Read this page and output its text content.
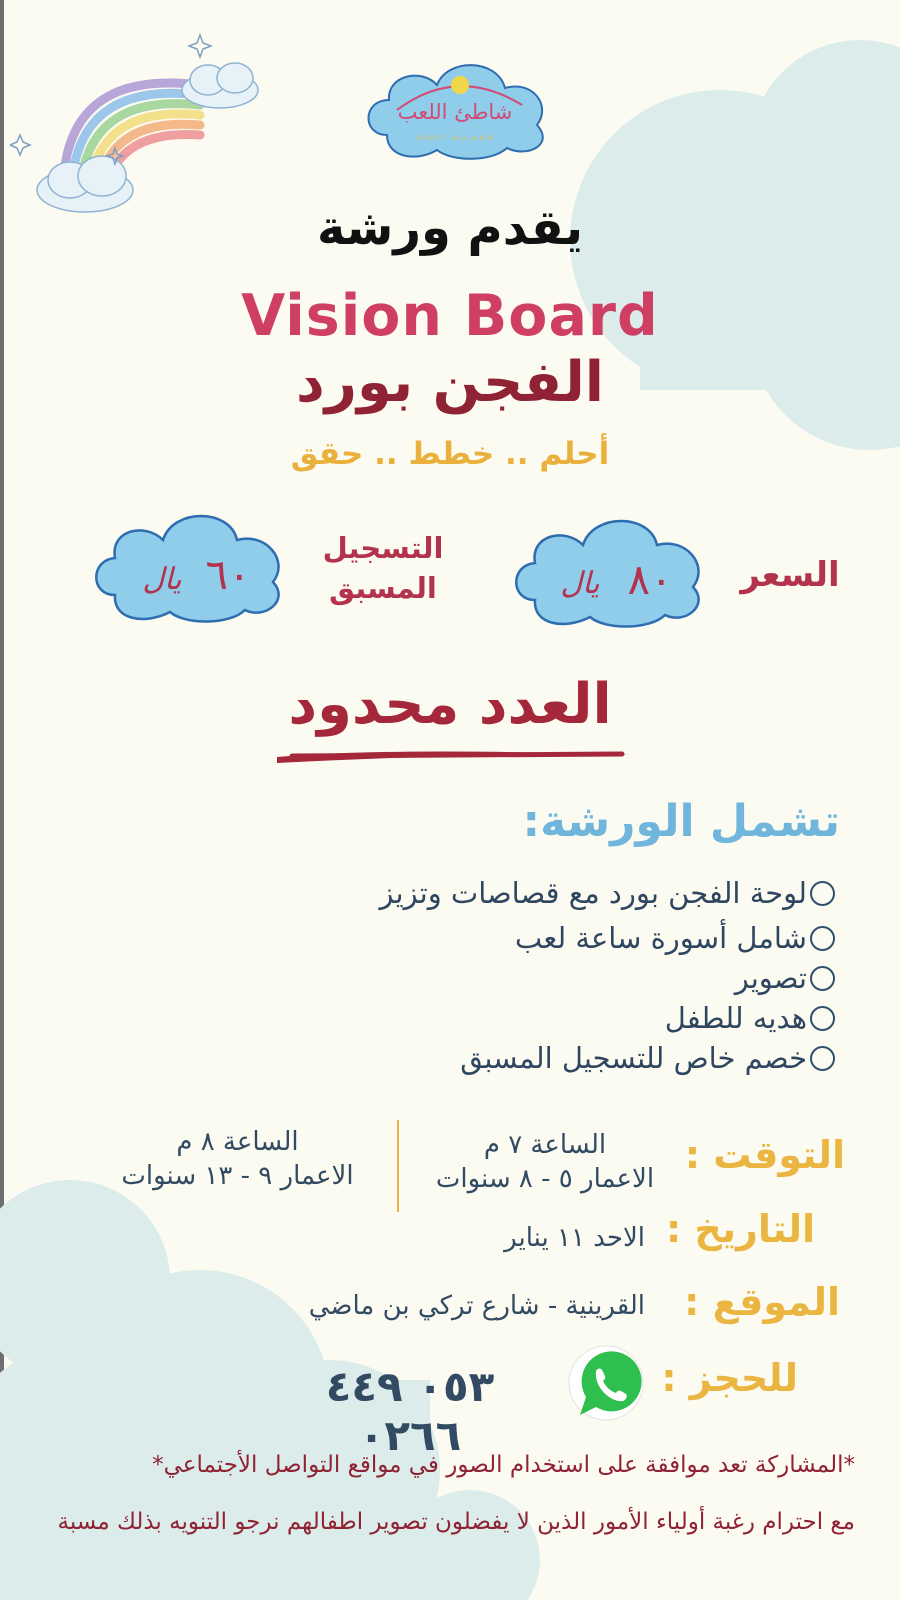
شاطئ اللعب
SHATI ALLAAB
يقدم ورشة
Vision Board
الفجن بورد
أحلم .. خطط .. حقق
السعر
٨٠
يال
التسجيل
المسبق
٦٠
يال
العدد محدود
تشمل الورشة:
لوحة الفجن بورد مع قصاصات وتزيز
شامل أسورة ساعة لعب
تصوير
هديه للطفل
خصم خاص للتسجيل المسبق
التوقت :
الساعة ٧ م
الاعمار ٥ - ٨ سنوات
الساعة ٨ م
الاعمار ٩ - ١٣ سنوات
التاريخ :
الاحد ١١ يناير
الموقع :
القرينية - شارع تركي بن ماضي
للحجز :
٠٥٣ ٤٤٩ ٠٢٦٦
*المشاركة تعد موافقة على استخدام الصور في مواقع التواصل الأجتماعي*
مع احترام رغبة أولياء الأمور الذين لا يفضلون تصوير اطفالهم نرجو التنويه بذلك مسبة
